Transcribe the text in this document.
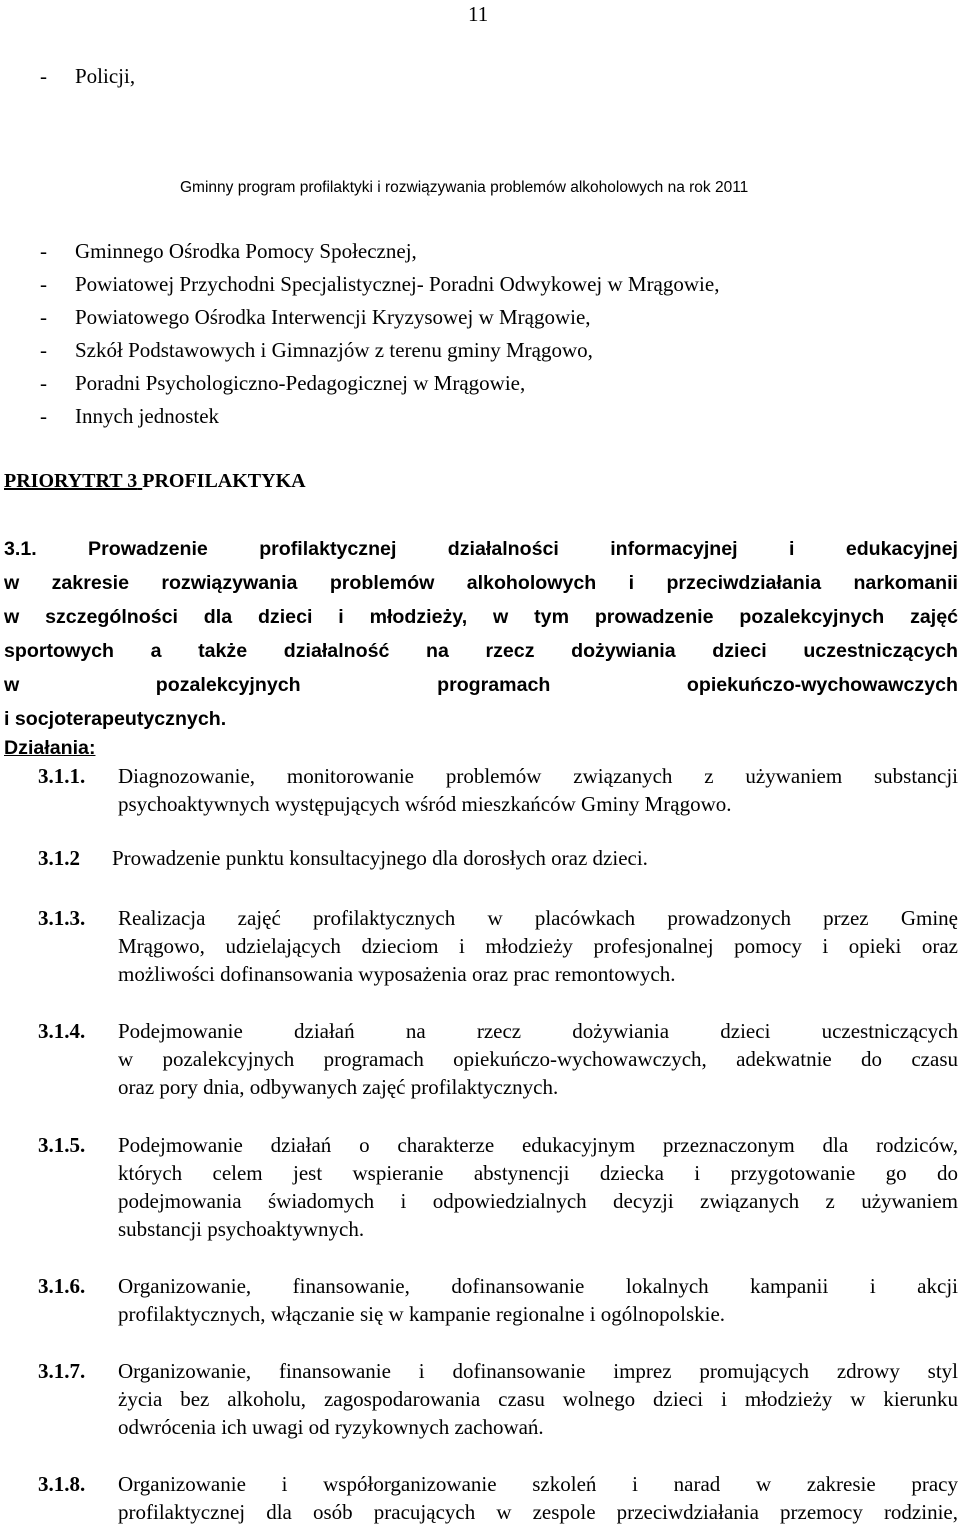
11
- Policji,
Gminny program profilaktyki i rozwiązywania problemów alkoholowych na rok 2011
- Gminnego Ośrodka Pomocy Społecznej,
- Powiatowej Przychodni Specjalistycznej- Poradni Odwykowej w Mrągowie,
- Powiatowego Ośrodka Interwencji Kryzysowej w Mrągowie,
- Szkół Podstawowych i Gimnazjów z terenu gminy Mrągowo,
- Poradni Psychologiczno-Pedagogicznej w Mrągowie,
- Innych jednostek
PRIORYTRT 3 PROFILAKTYKA
3.1. Prowadzenie profilaktycznej działalności informacyjnej i edukacyjnej
w zakresie rozwiązywania problemów alkoholowych i przeciwdziałania narkomanii
w szczególności dla dzieci i młodzieży, w tym prowadzenie pozalekcyjnych zajęć
sportowych a także działalność na rzecz dożywiania dzieci uczestniczących
w pozalekcyjnych programach opiekuńczo-wychowawczych
i socjoterapeutycznych.
Działania:
3.1.1. Diagnozowanie, monitorowanie problemów związanych z używaniem substancji
psychoaktywnych występujących wśród mieszkańców Gminy Mrągowo.
3.1.2 Prowadzenie punktu konsultacyjnego dla dorosłych oraz dzieci.
3.1.3. Realizacja zajęć profilaktycznych w placówkach prowadzonych przez Gminę
Mrągowo, udzielających dzieciom i młodzieży profesjonalnej pomocy i opieki oraz
możliwości dofinansowania wyposażenia oraz prac remontowych.
3.1.4. Podejmowanie działań na rzecz dożywiania dzieci uczestniczących
w pozalekcyjnych programach opiekuńczo-wychowawczych, adekwatnie do czasu
oraz pory dnia, odbywanych zajęć profilaktycznych.
3.1.5. Podejmowanie działań o charakterze edukacyjnym przeznaczonym dla rodziców,
których celem jest wspieranie abstynencji dziecka i przygotowanie go do
podejmowania świadomych i odpowiedzialnych decyzji związanych z używaniem
substancji psychoaktywnych.
3.1.6. Organizowanie, finansowanie, dofinansowanie lokalnych kampanii i akcji
profilaktycznych, włączanie się w kampanie regionalne i ogólnopolskie.
3.1.7. Organizowanie, finansowanie i dofinansowanie imprez promujących zdrowy styl
życia bez alkoholu, zagospodarowania czasu wolnego dzieci i młodzieży w kierunku
odwrócenia ich uwagi od ryzykownych zachowań.
3.1.8. Organizowanie i współorganizowanie szkoleń i narad w zakresie pracy
profilaktycznej dla osób pracujących w zespole przeciwdziałania przemocy rodzinie,
